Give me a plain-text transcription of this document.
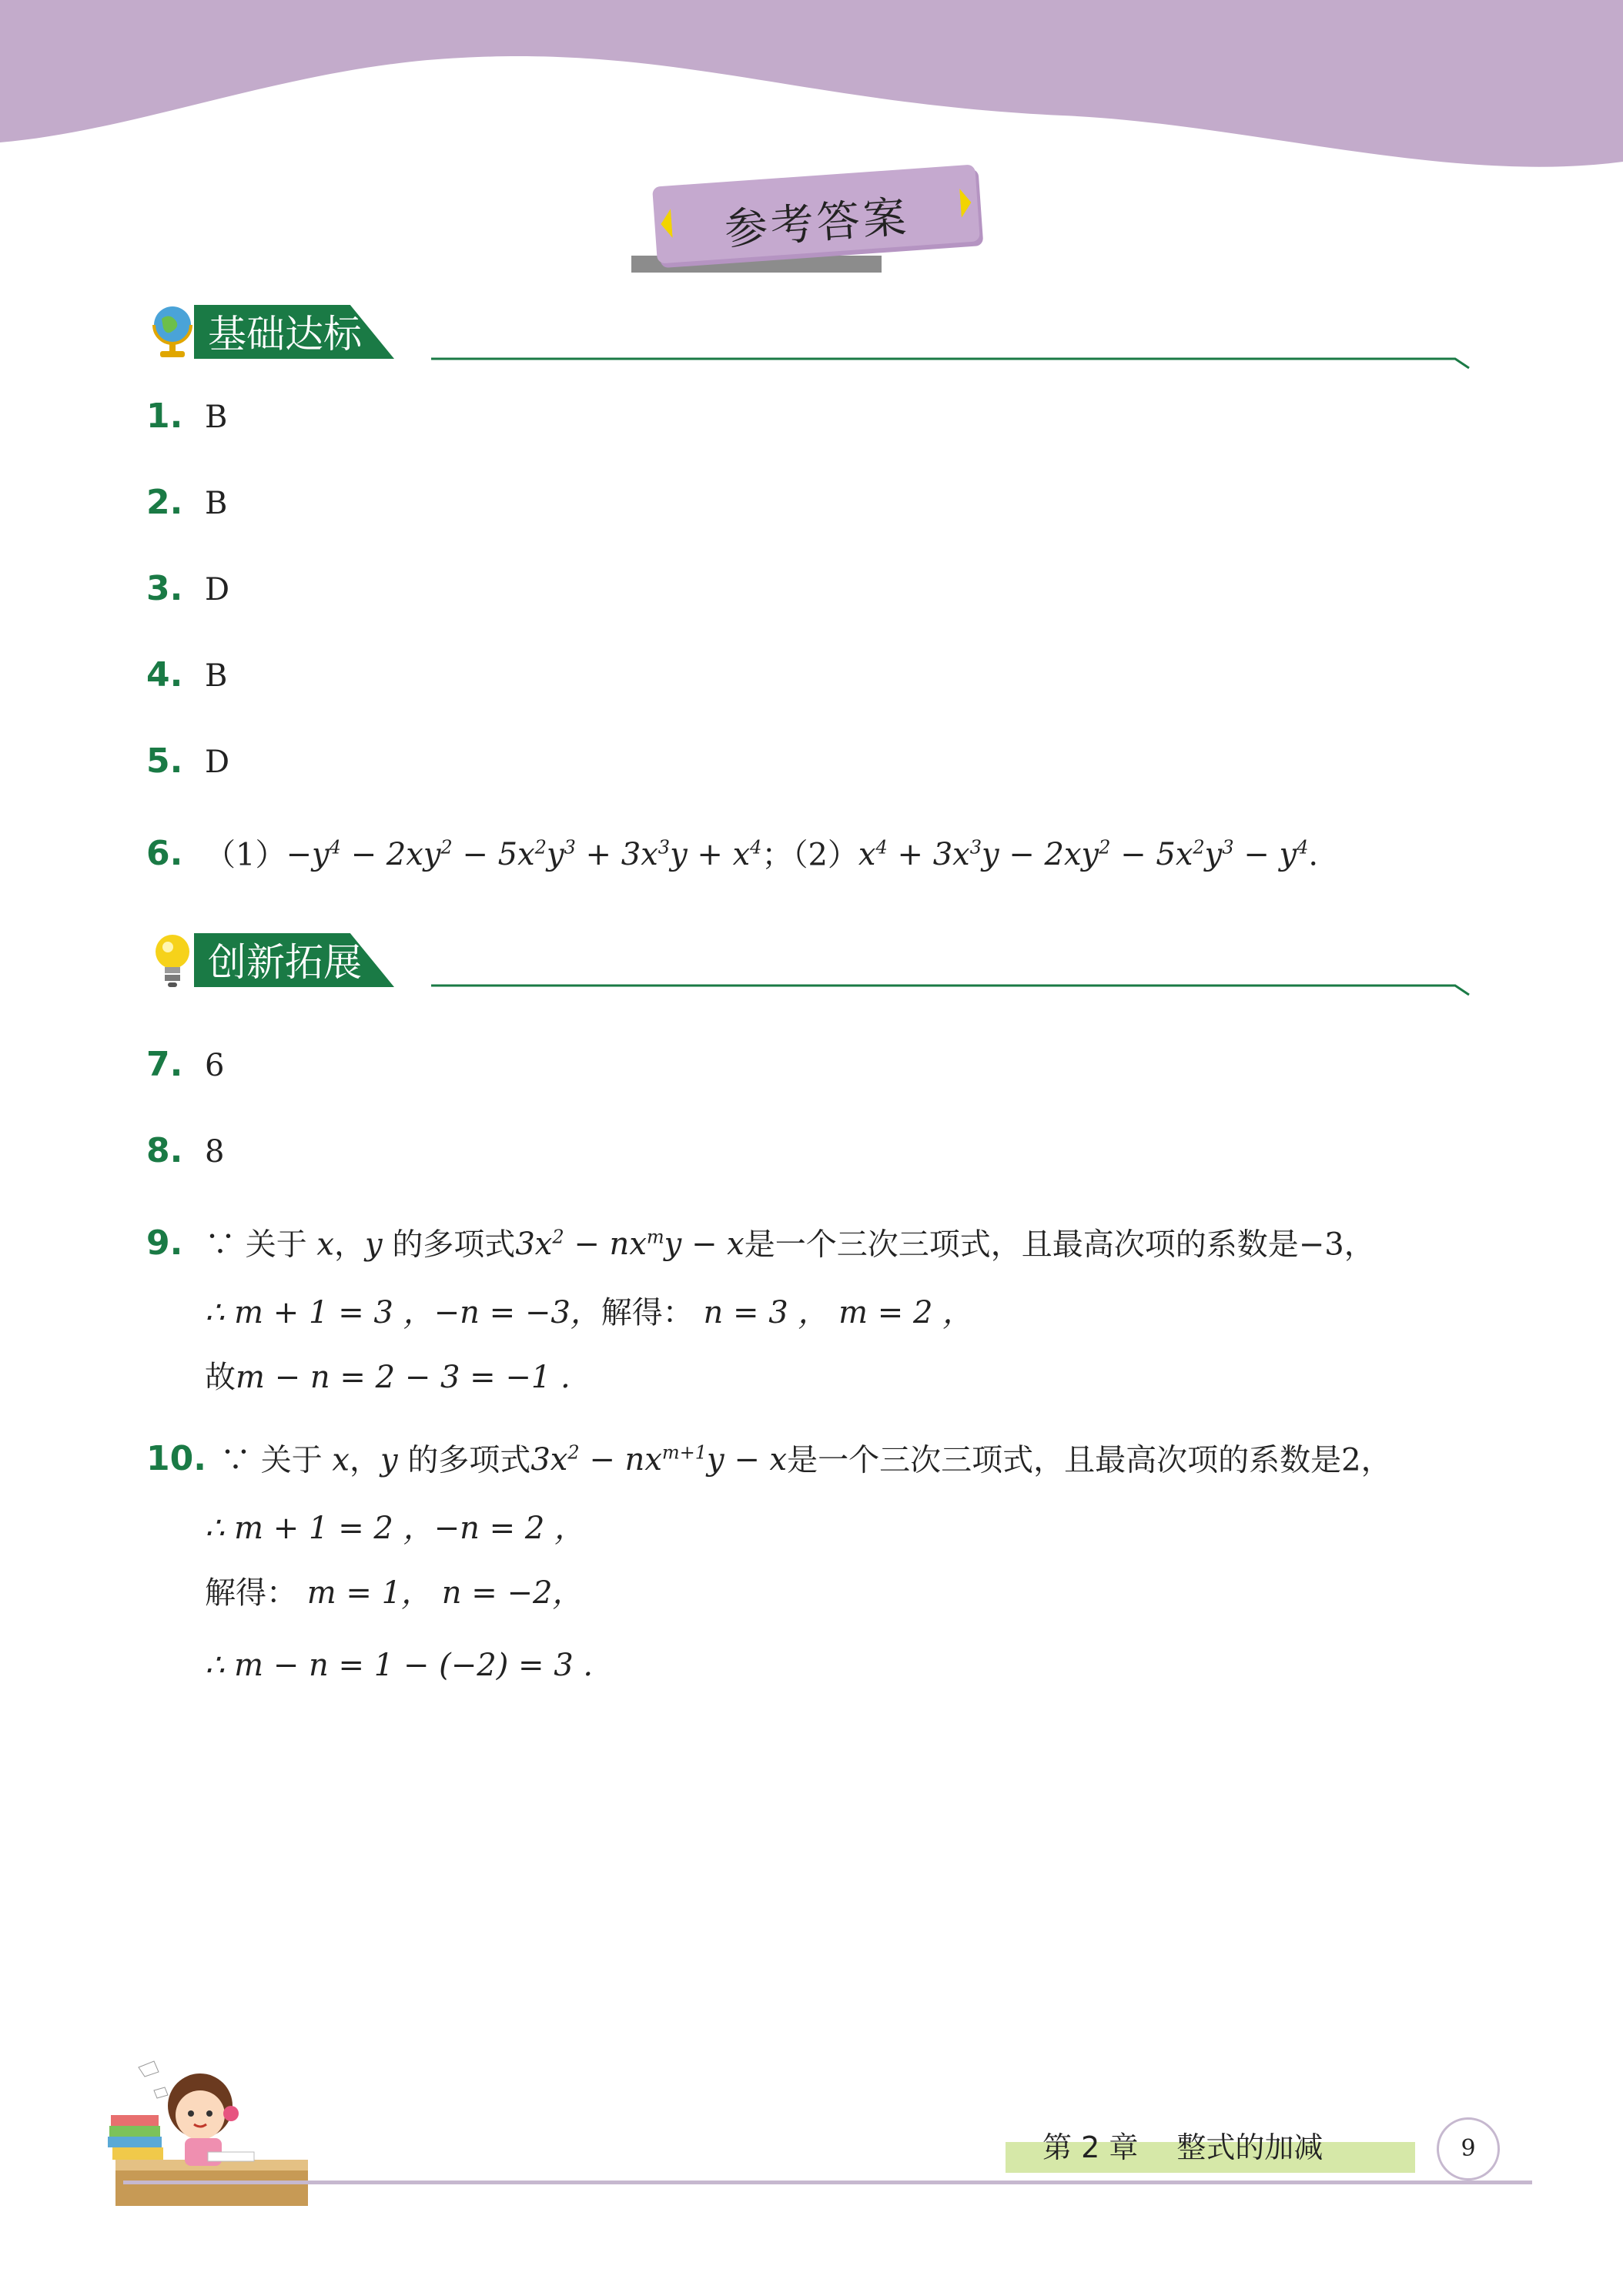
参考答案
基础达标
1. B
2. B
3. D
4. B
5. D
6. $(1)-y^4 - 2xy^2 - 5x^2y^3 + 3x^3y + x^4$；$(2)x^4 + 3x^3y - 2xy^2 - 5x^2y^3 - y^4$.
创新拓展
7. 6
8. 8
9. ∵ 关于 x，y 的多项式$3x^2 - nx^my - x$是一个三次三项式，且最高次项的系数是−3，
∴ m + 1 = 3 ，−n = −3，解得： n = 3 ， m = 2 ，
故m − n = 2 − 3 = −1 .
10. ∵ 关于 x，y 的多项式$3x^2 - nx^{m+1}y - x$是一个三次三项式，且最高次项的系数是2，
∴ m + 1 = 2 ，−n = 2 ，
解得： m = 1， n = −2，
∴ m − n = 1 − (−2) = 3 .
第 2 章　 整式的加减	9
